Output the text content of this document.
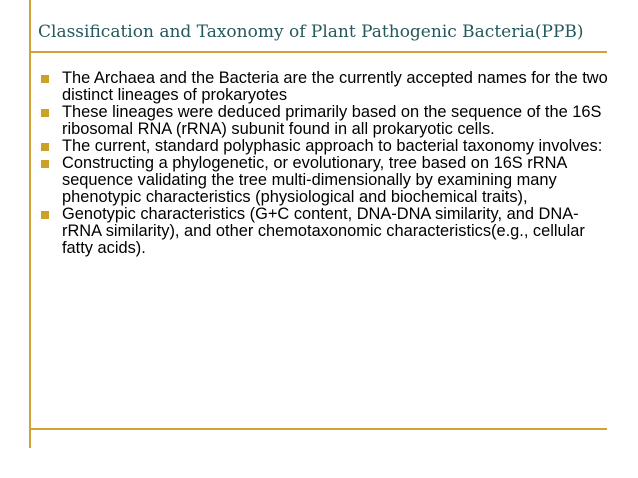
Classification and Taxonomy of Plant Pathogenic Bacteria(PPB)
The Archaea and the Bacteria are the currently accepted names for the two distinct lineages of prokaryotes
These lineages were deduced primarily based on the sequence of the 16S ribosomal RNA (rRNA) subunit found in all prokaryotic cells.
The current, standard polyphasic approach to bacterial taxonomy involves:
Constructing a phylogenetic, or evolutionary, tree based on 16S rRNA sequence validating the tree multi-dimensionally by examining many phenotypic characteristics (physiological and biochemical traits),
Genotypic characteristics (G+C content, DNA-DNA similarity, and DNA-rRNA similarity), and other chemotaxonomic characteristics(e.g., cellular fatty acids).
